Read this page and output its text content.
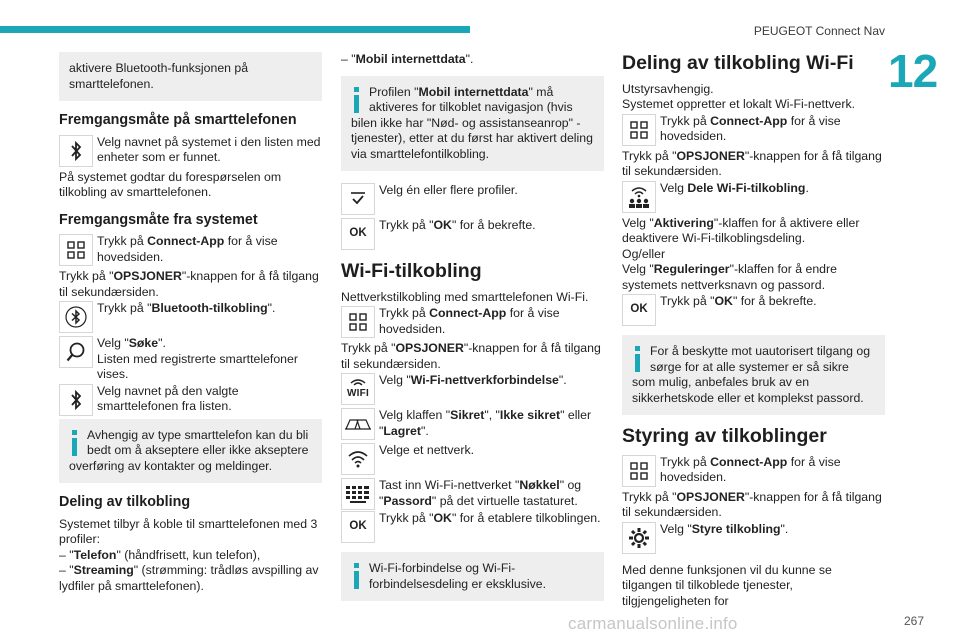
PEUGEOT Connect Nav
12
carmanualsonline.info	267

aktivere Bluetooth-funksjonen på smarttelefonen.

Fremgangsmåte på smarttelefonen
Velg navnet på systemet i den listen med enheter som er funnet.

På systemet godtar du forespørselen om tilkobling av smarttelefonen.

Fremgangsmåte fra systemet
Trykk på Connect-App for å vise hovedsiden.

Trykk på "OPSJONER"-knappen for å få tilgang til sekundærsiden.

Trykk på "Bluetooth-tilkobling".
Velg "Søke".
Listen med registrerte smarttelefoner vises.
Velg navnet på den valgte smarttelefonen fra listen.

Avhengig av type smarttelefon kan du bli bedt om å akseptere eller ikke akseptere overføring av kontakter og meldinger.

Deling av tilkobling

Systemet tilbyr å koble til smarttelefonen med 3 profiler:

– "Telefon" (håndfrisett, kun telefon),

– "Streaming" (strømming: trådløs avspilling av lydfiler på smarttelefonen).

– "Mobil internettdata".

Profilen "Mobil internettdata" må aktiveres for tilkoblet navigasjon (hvis bilen ikke har "Nød- og assistanseanrop" -tjenester), etter at du først har aktivert deling via smarttelefontilkobling.

Velg én eller flere profiler.
OK
Trykk på "OK" for å bekrefte.
Wi-Fi-tilkobling

Nettverkstilkobling med smarttelefonen Wi-Fi.

Trykk på Connect-App for å vise hovedsiden.

Trykk på "OPSJONER"-knappen for å få tilgang til sekundærsiden.

WIFI
Velg "Wi-Fi-nettverkforbindelse".
Velg klaffen "Sikret", "Ikke sikret" eller "Lagret".
Velge et nettverk.
Tast inn Wi-Fi-nettverket "Nøkkel" og "Passord" på det virtuelle tastaturet.
OK
Trykk på "OK" for å etablere tilkoblingen.

Wi-Fi-forbindelse og Wi-Fi-forbindelsesdeling er eksklusive.

Deling av tilkobling Wi-Fi

Utstyrsavhengig.

Systemet oppretter et lokalt Wi-Fi-nettverk.

Trykk på Connect-App for å vise hovedsiden.

Trykk på "OPSJONER"-knappen for å få tilgang til sekundærsiden.

Velg Dele Wi-Fi-tilkobling.

Velg "Aktivering"-klaffen for å aktivere eller deaktivere Wi-Fi-tilkoblingsdeling.

Og/eller

Velg "Reguleringer"-klaffen for å endre systemets nettverksnavn og passord.

OK
Trykk på "OK" for å bekrefte.

For å beskytte mot uautorisert tilgang og sørge for at alle systemer er så sikre som mulig, anbefales bruk av en sikkerhetskode eller et komplekst passord.

Styring av tilkoblinger
Trykk på Connect-App for å vise hovedsiden.

Trykk på "OPSJONER"-knappen for å få tilgang til sekundærsiden.

Velg "Styre tilkobling".

Med denne funksjonen vil du kunne se tilgangen til tilkoblede tjenester, tilgjengeligheten for
